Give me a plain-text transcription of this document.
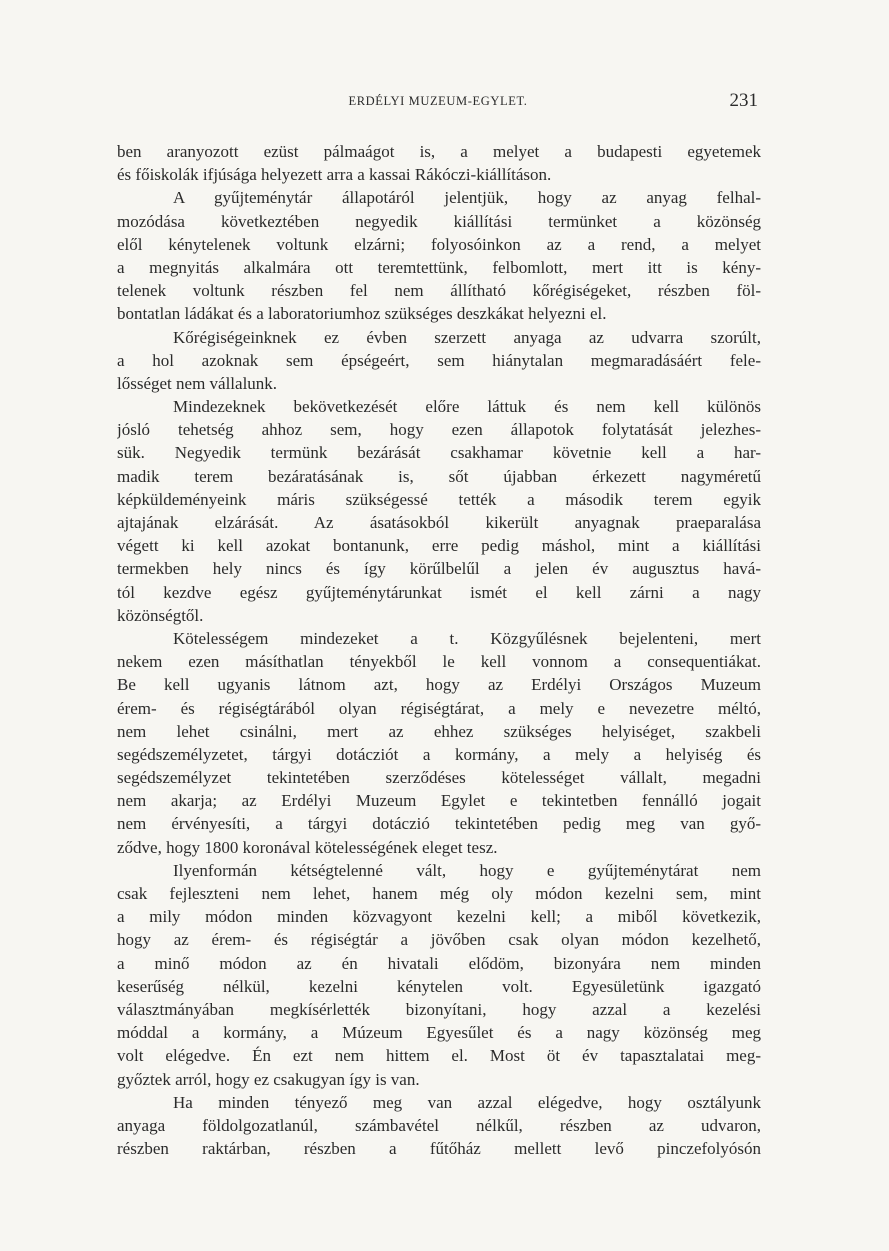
ERDÉLYI MUZEUM-EGYLET.	231
ben aranyozott ezüst pálmaágot is, a melyet a budapesti egyetemek
és főiskolák ifjúsága helyezett arra a kassai Rákóczi-kiállításon.
A gyűjteménytár állapotáról jelentjük, hogy az anyag felhal-
mozódása következtében negyedik kiállítási termünket a közönség
elől kénytelenek voltunk elzárni; folyosóinkon az a rend, a melyet
a megnyitás alkalmára ott teremtettünk, felbomlott, mert itt is kény-
telenek voltunk részben fel nem állítható kőrégiségeket, részben föl-
bontatlan ládákat és a laboratoriumhoz szükséges deszkákat helyezni el.
Kőrégiségeinknek ez évben szerzett anyaga az udvarra szorúlt,
a hol azoknak sem épségeért, sem hiánytalan megmaradásáért fele-
lősséget nem vállalunk.
Mindezeknek bekövetkezését előre láttuk és nem kell különös
jósló tehetség ahhoz sem, hogy ezen állapotok folytatását jelezhes-
sük. Negyedik termünk bezárását csakhamar követnie kell a har-
madik terem bezáratásának is, sőt újabban érkezett nagyméretű
képküldeményeink máris szükségessé tették a második terem egyik
ajtajának elzárását. Az ásatásokból kikerült anyagnak praeparalása
végett ki kell azokat bontanunk, erre pedig máshol, mint a kiállítási
termekben hely nincs és így körűlbelűl a jelen év augusztus havá-
tól kezdve egész gyűjteménytárunkat ismét el kell zárni a nagy
közönségtől.
Kötelességem mindezeket a t. Közgyűlésnek bejelenteni, mert
nekem ezen másíthatlan tényekből le kell vonnom a consequentiákat.
Be kell ugyanis látnom azt, hogy az Erdélyi Országos Muzeum
érem- és régiségtárából olyan régiségtárat, a mely e nevezetre méltó,
nem lehet csinálni, mert az ehhez szükséges helyiséget, szakbeli
segédszemélyzetet, tárgyi dotácziót a kormány, a mely a helyiség és
segédszemélyzet tekintetében szerződéses kötelességet vállalt, megadni
nem akarja; az Erdélyi Muzeum Egylet e tekintetben fennálló jogait
nem érvényesíti, a tárgyi dotáczió tekintetében pedig meg van győ-
ződve, hogy 1800 koronával kötelességének eleget tesz.
Ilyenformán kétségtelenné vált, hogy e gyűjteménytárat nem
csak fejleszteni nem lehet, hanem még oly módon kezelni sem, mint
a mily módon minden közvagyont kezelni kell; a miből következik,
hogy az érem- és régiségtár a jövőben csak olyan módon kezelhető,
a minő módon az én hivatali elődöm, bizonyára nem minden
keserűség nélkül, kezelni kénytelen volt. Egyesületünk igazgató
választmányában megkísérlették bizonyítani, hogy azzal a kezelési
móddal a kormány, a Múzeum Egyesűlet és a nagy közönség meg
volt elégedve. Én ezt nem hittem el. Most öt év tapasztalatai meg-
győztek arról, hogy ez csakugyan így is van.
Ha minden tényező meg van azzal elégedve, hogy osztályunk
anyaga földolgozatlanúl, számbavétel nélkűl, részben az udvaron,
részben raktárban, részben a fűtőház mellett levő pinczefolyósón
